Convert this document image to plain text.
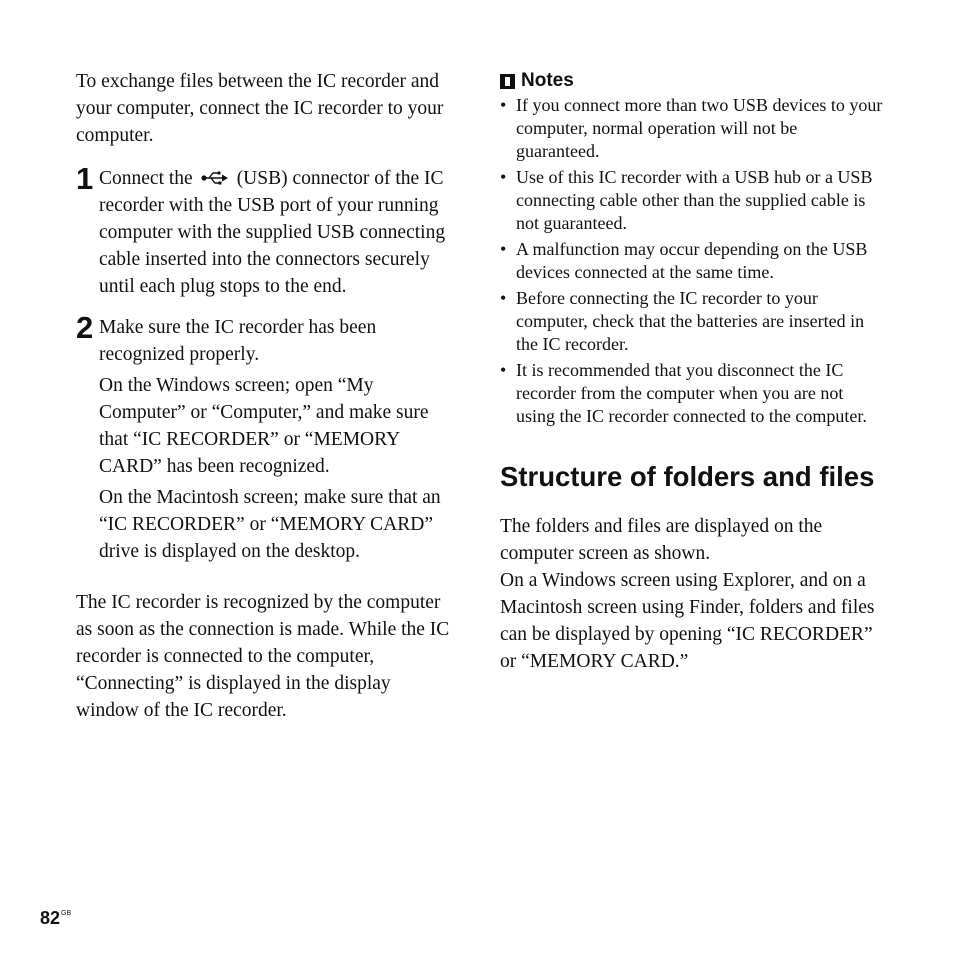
To exchange files between the IC recorder and your computer, connect the IC recorder to your computer.

1 Connect the (USB) connector of the IC recorder with the USB port of your running computer with the supplied USB connecting cable inserted into the connectors securely until each plug stops to the end.

2 Make sure the IC recorder has been recognized properly.

On the Windows screen; open “My Computer” or “Computer,” and make sure that “IC RECORDER” or “MEMORY CARD” has been recognized.

On the Macintosh screen; make sure that an “IC RECORDER” or “MEMORY CARD” drive is displayed on the desktop.

The IC recorder is recognized by the computer as soon as the connection is made. While the IC recorder is connected to the computer, “Connecting” is displayed in the display window of the IC recorder.

Notes
• If you connect more than two USB devices to your computer, normal operation will not be guaranteed.
• Use of this IC recorder with a USB hub or a USB connecting cable other than the supplied cable is not guaranteed.
• A malfunction may occur depending on the USB devices connected at the same time.
• Before connecting the IC recorder to your computer, check that the batteries are inserted in the IC recorder.
• It is recommended that you disconnect the IC recorder from the computer when you are not using the IC recorder connected to the computer.
Structure of folders and files

The folders and files are displayed on the computer screen as shown.

On a Windows screen using Explorer, and on a Macintosh screen using Finder, folders and files can be displayed by opening “IC RECORDER” or “MEMORY CARD.”

$82^{GB}$
